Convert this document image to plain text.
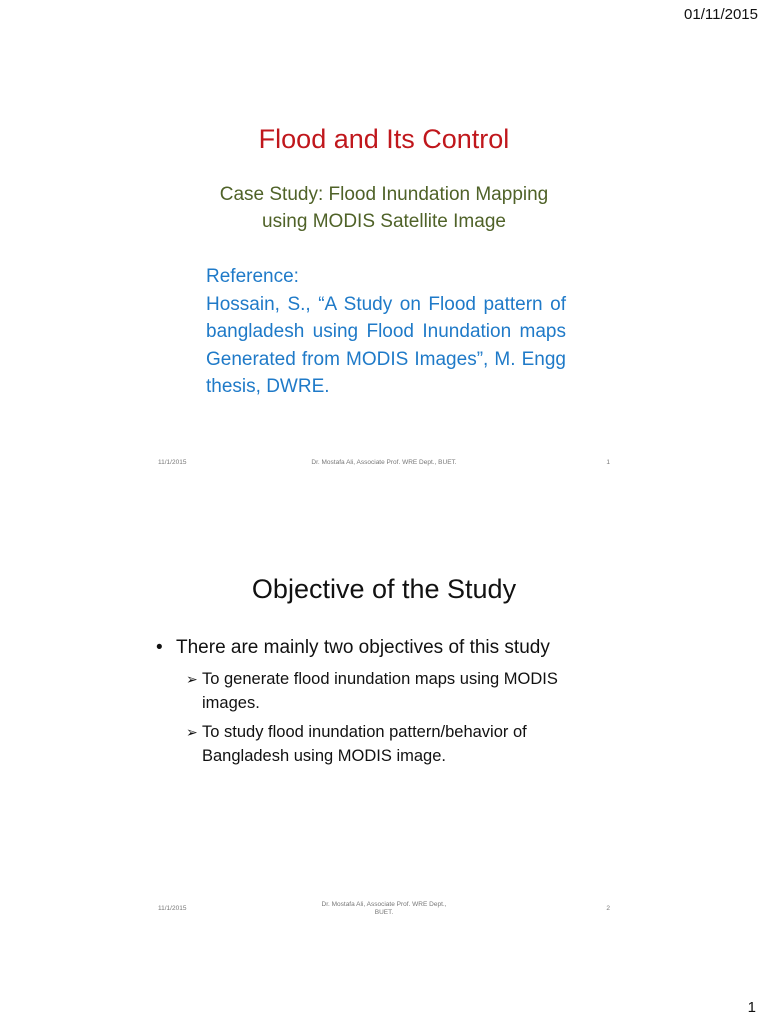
01/11/2015
Flood and Its Control
Case Study: Flood Inundation Mapping
using MODIS Satellite Image
Reference:
Hossain, S., “A Study on Flood pattern of bangladesh using Flood Inundation maps Generated from MODIS Images”, M. Engg thesis, DWRE.
11/1/2015	Dr. Mostafa Ali, Associate Prof. WRE Dept., BUET.	1
Objective of the Study
• There are mainly two objectives of this study
➢ To generate flood inundation maps using MODIS images.
➢ To study flood inundation pattern/behavior of Bangladesh using MODIS image.
11/1/2015
Dr. Mostafa Ali, Associate Prof. WRE Dept., BUET.
2
1
